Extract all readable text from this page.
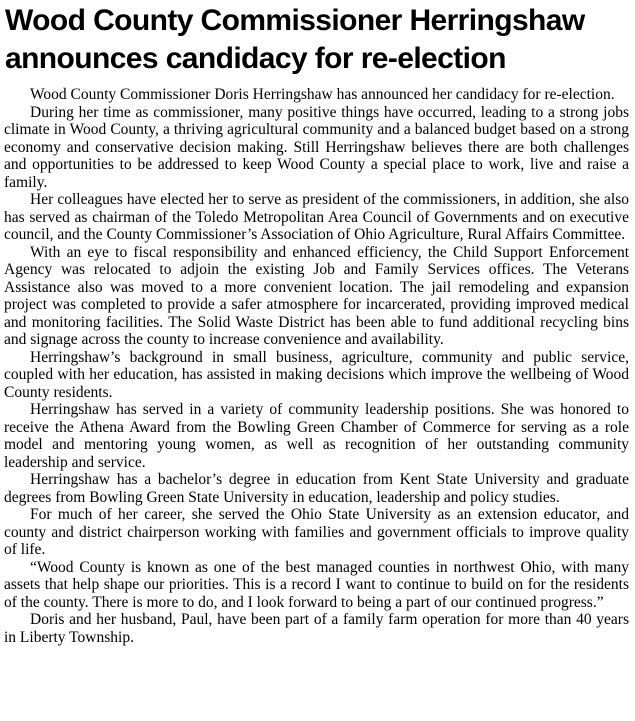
Wood County Commissioner Herringshaw
announces candidacy for re-election

Wood County Commissioner Doris Herringshaw has announced her candidacy for re-election.

During her time as commissioner, many positive things have occurred, leading to a strong jobs climate in Wood County, a thriving agricultural community and a balanced budget based on a strong economy and conservative decision making. Still Herringshaw believes there are both challenges and opportunities to be addressed to keep Wood County a special place to work, live and raise a family.

Her colleagues have elected her to serve as president of the commissioners, in addition, she also has served as chairman of the Toledo Metropolitan Area Council of Governments and on executive council, and the County Commissioner’s Association of Ohio Agriculture, Rural Affairs Committee.

With an eye to fiscal responsibility and enhanced efficiency, the Child Support Enforcement Agency was relocated to adjoin the existing Job and Family Services offices. The Veterans Assistance also was moved to a more convenient location. The jail remodeling and expansion project was completed to provide a safer atmosphere for incarcerated, providing improved medical and monitoring facilities. The Solid Waste District has been able to fund additional recycling bins and signage across the county to increase convenience and availability.

Herringshaw’s background in small business, agriculture, community and public service, coupled with her education, has assisted in making decisions which improve the wellbeing of Wood County residents.

Herringshaw has served in a variety of community leadership positions. She was honored to receive the Athena Award from the Bowling Green Chamber of Commerce for serving as a role model and mentoring young women, as well as recognition of her outstanding community leadership and service.

Herringshaw has a bachelor’s degree in education from Kent State University and graduate degrees from Bowling Green State University in education, leadership and policy studies.

For much of her career, she served the Ohio State University as an extension educator, and county and district chairperson working with families and government officials to improve quality of life.

“Wood County is known as one of the best managed counties in northwest Ohio, with many assets that help shape our priorities. This is a record I want to continue to build on for the residents of the county. There is more to do, and I look forward to being a part of our continued progress.”

Doris and her husband, Paul, have been part of a family farm operation for more than 40 years in Liberty Township.
